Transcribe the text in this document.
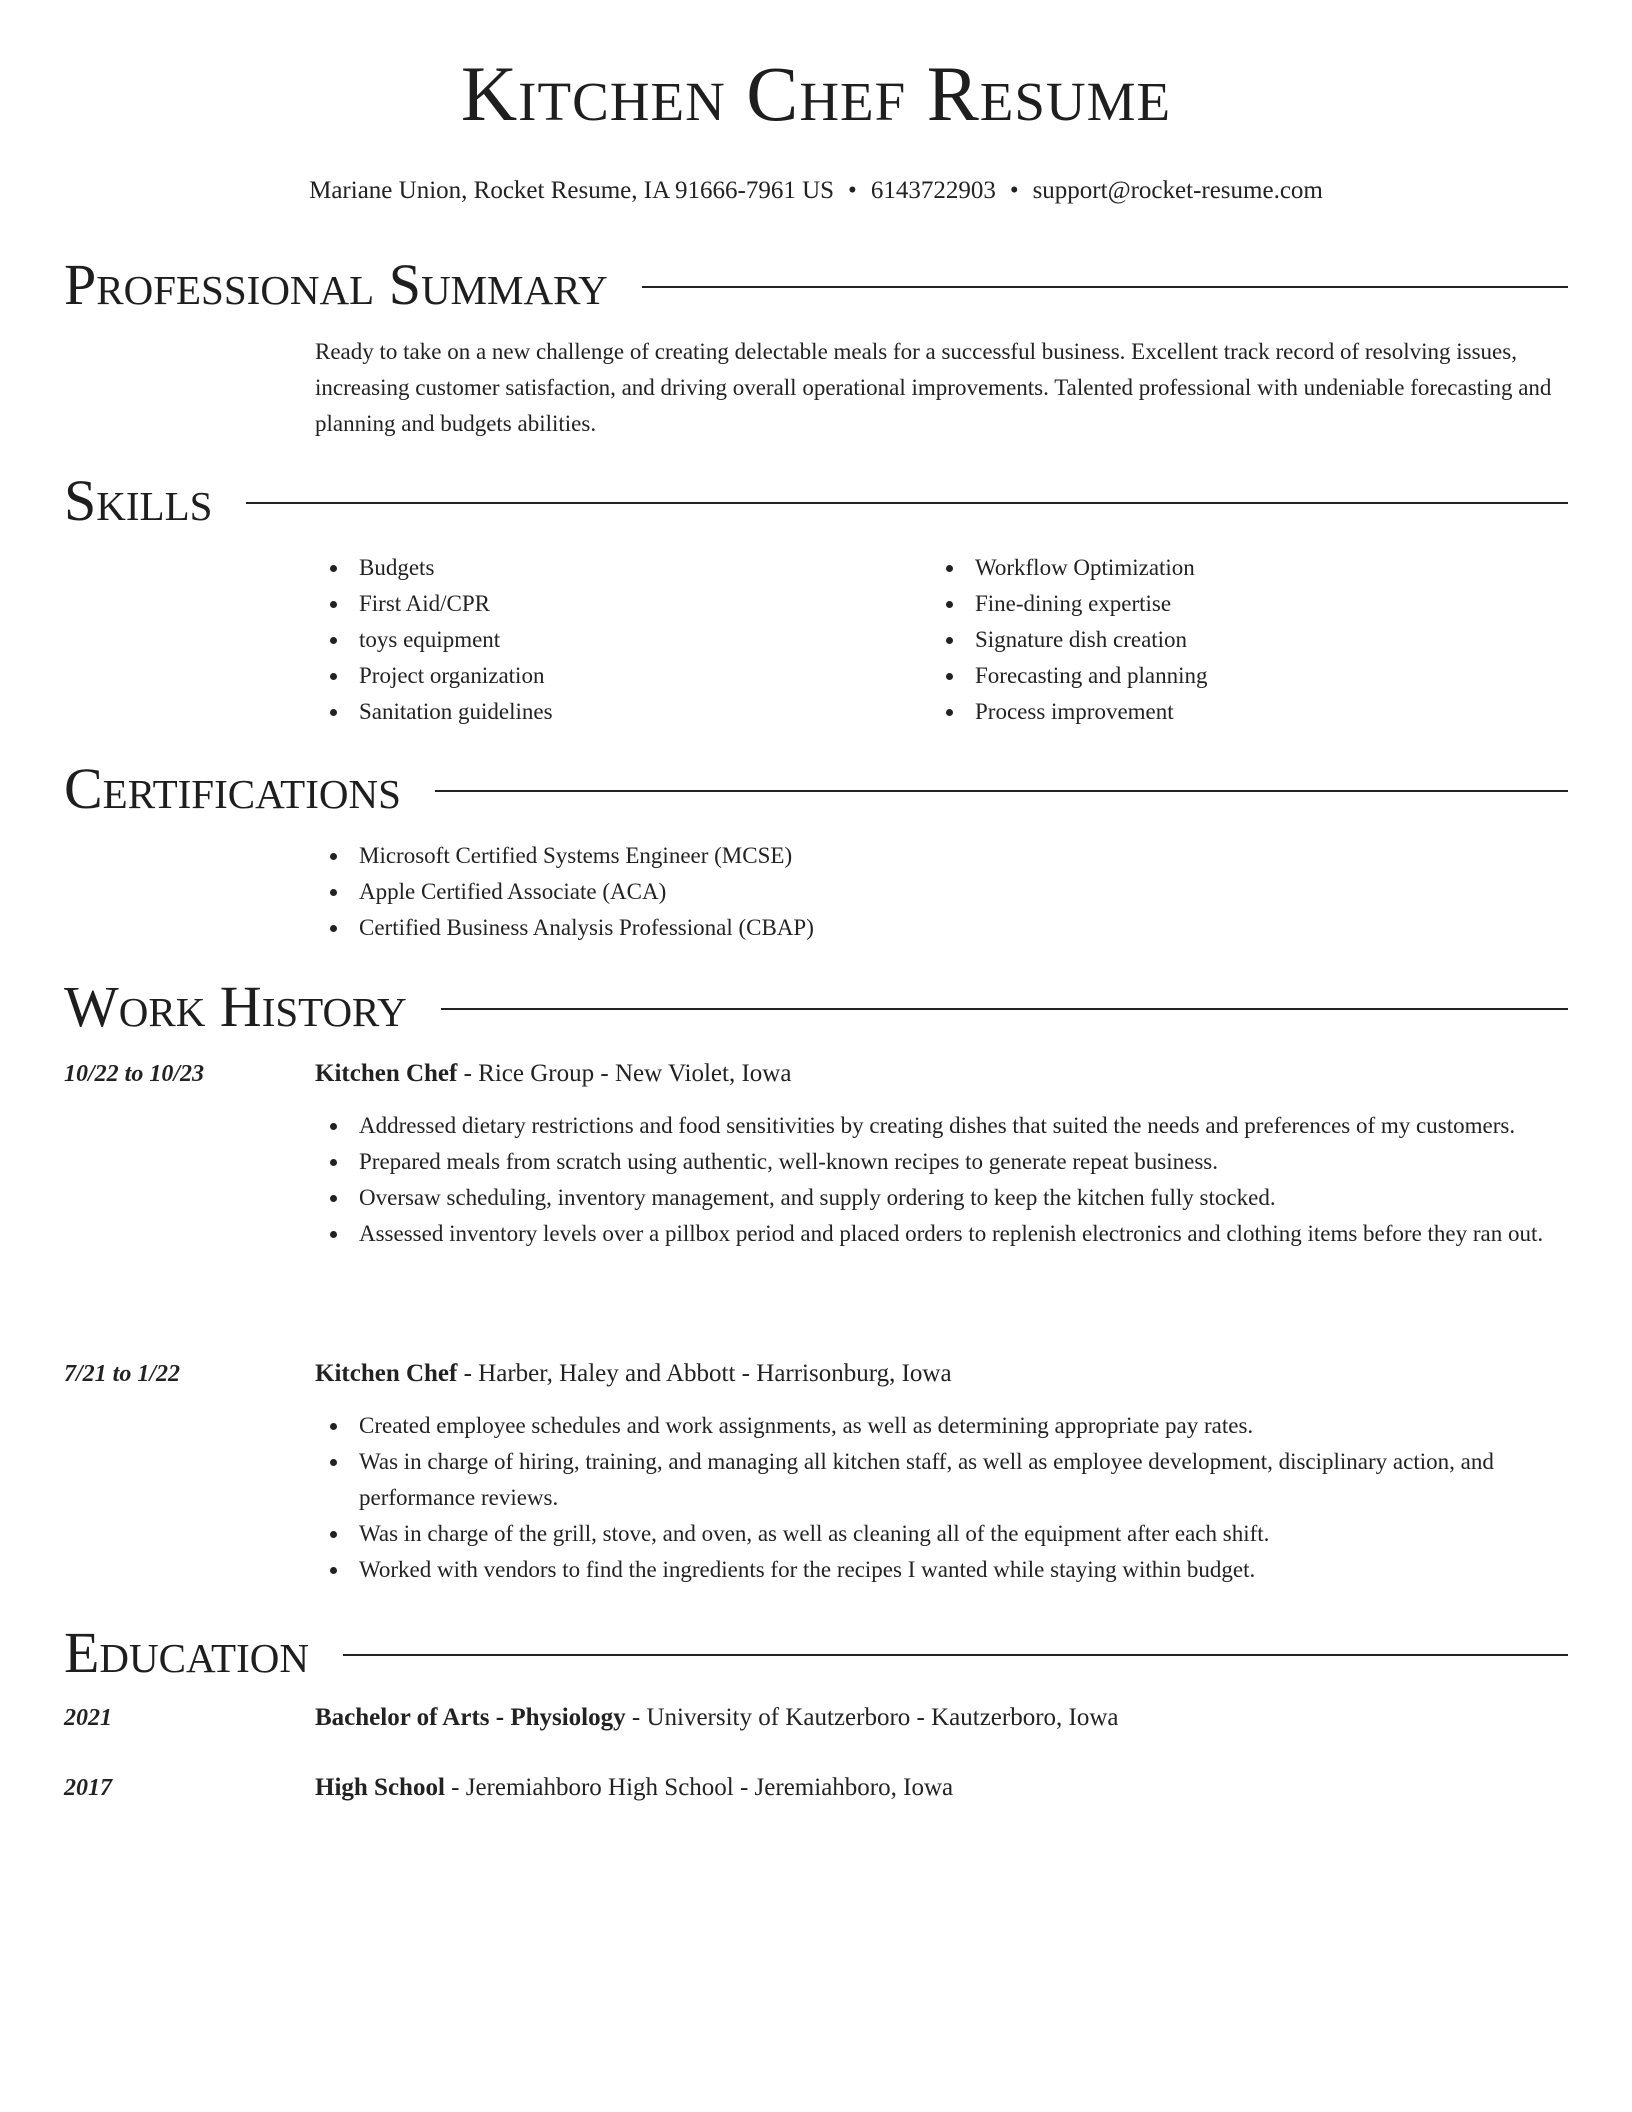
Kitchen Chef Resume
Mariane Union, Rocket Resume, IA 91666-7961 US • 6143722903 • support@rocket-resume.com
Professional Summary
Ready to take on a new challenge of creating delectable meals for a successful business. Excellent track record of resolving issues, increasing customer satisfaction, and driving overall operational improvements. Talented professional with undeniable forecasting and planning and budgets abilities.
Skills
Budgets
First Aid/CPR
toys equipment
Project organization
Sanitation guidelines
Workflow Optimization
Fine-dining expertise
Signature dish creation
Forecasting and planning
Process improvement
Certifications
Microsoft Certified Systems Engineer (MCSE)
Apple Certified Associate (ACA)
Certified Business Analysis Professional (CBAP)
Work History
10/22 to 10/23	Kitchen Chef - Rice Group - New Violet, Iowa
Addressed dietary restrictions and food sensitivities by creating dishes that suited the needs and preferences of my customers.
Prepared meals from scratch using authentic, well-known recipes to generate repeat business.
Oversaw scheduling, inventory management, and supply ordering to keep the kitchen fully stocked.
Assessed inventory levels over a pillbox period and placed orders to replenish electronics and clothing items before they ran out.
7/21 to 1/22	Kitchen Chef - Harber, Haley and Abbott - Harrisonburg, Iowa
Created employee schedules and work assignments, as well as determining appropriate pay rates.
Was in charge of hiring, training, and managing all kitchen staff, as well as employee development, disciplinary action, and performance reviews.
Was in charge of the grill, stove, and oven, as well as cleaning all of the equipment after each shift.
Worked with vendors to find the ingredients for the recipes I wanted while staying within budget.
Education
2021	Bachelor of Arts - Physiology - University of Kautzerboro - Kautzerboro, Iowa
2017	High School - Jeremiahboro High School - Jeremiahboro, Iowa
